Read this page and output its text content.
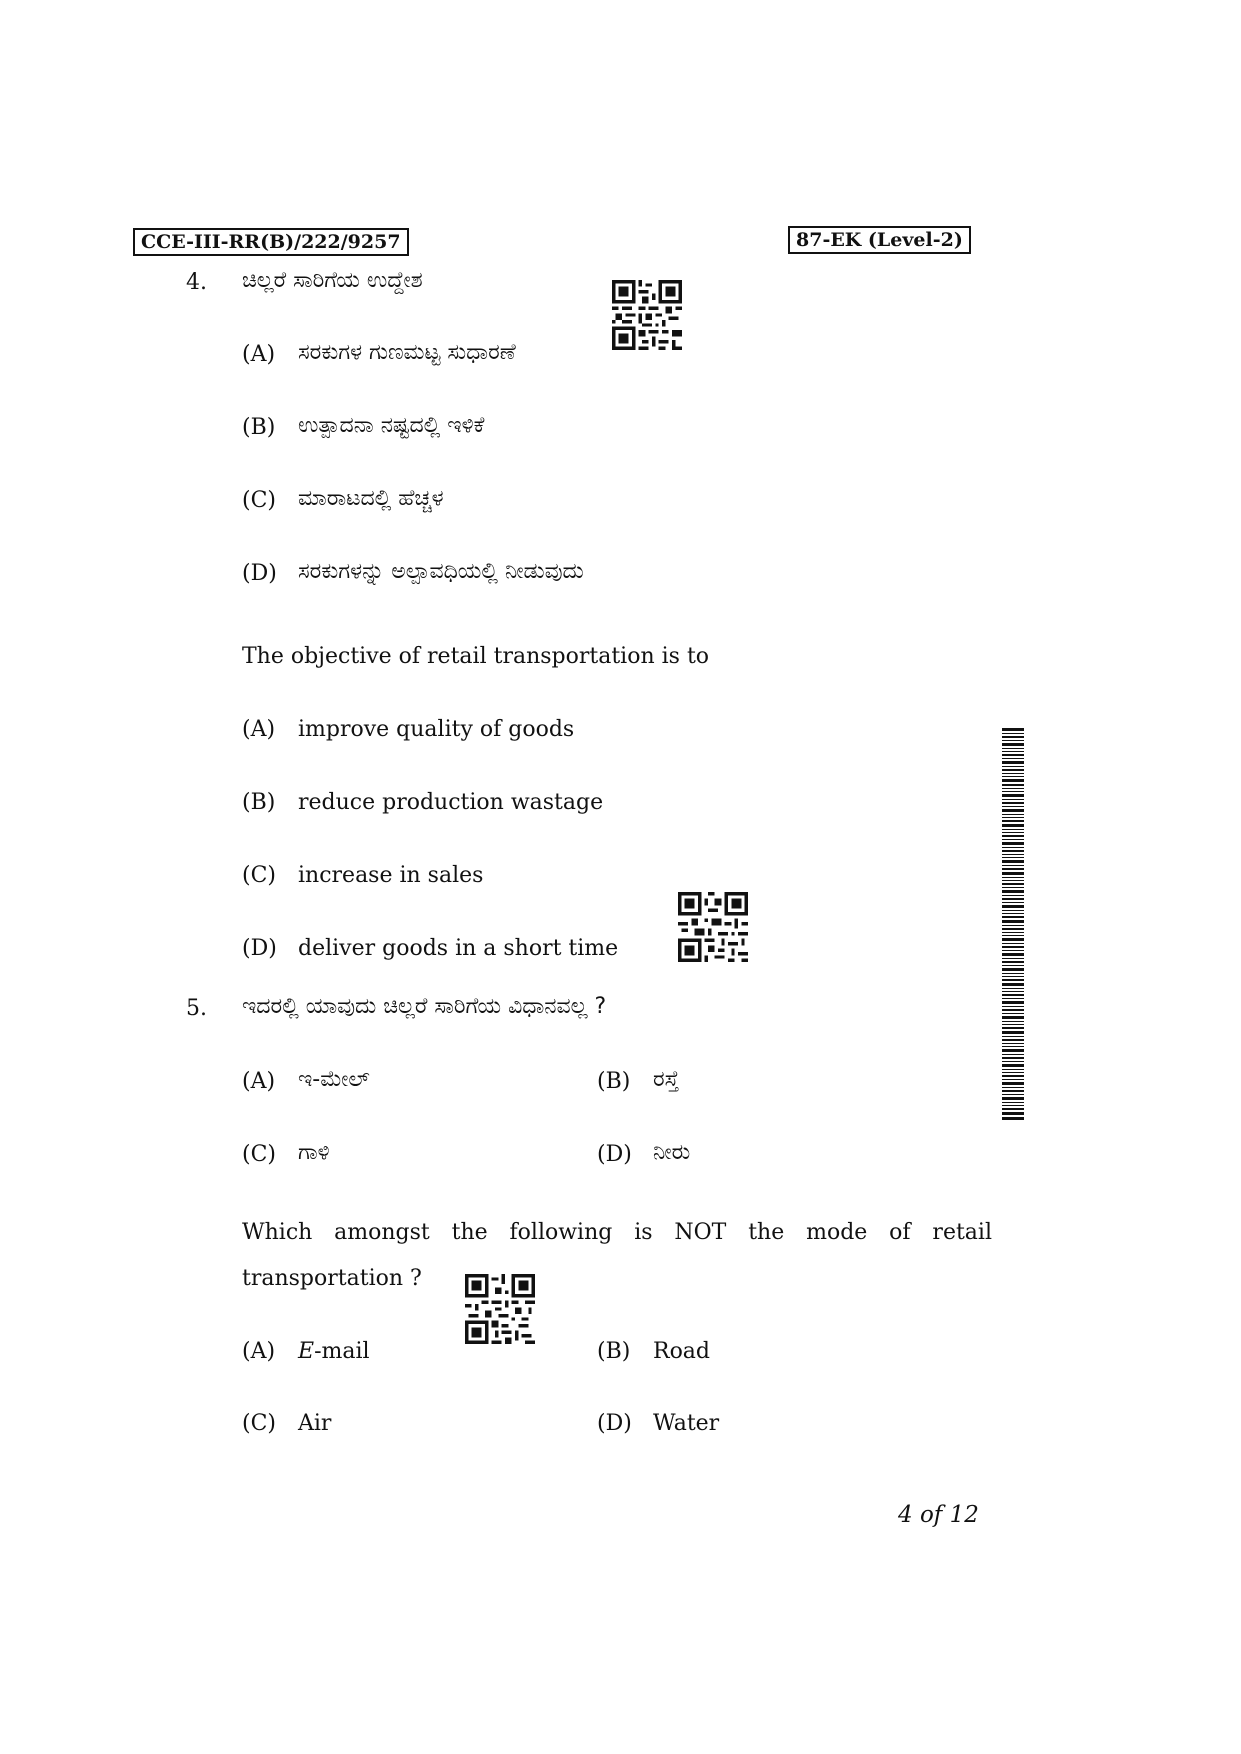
CCE-III-RR(B)/222/9257	87-EK (Level-2)
4. ಚಿಲ್ಲರೆ ಸಾರಿಗೆಯ ಉದ್ದೇಶ
(A) ಸರಕುಗಳ ಗುಣಮಟ್ಟ ಸುಧಾರಣೆ
(B) ಉತ್ಪಾದನಾ ನಷ್ಟದಲ್ಲಿ ಇಳಿಕೆ
(C) ಮಾರಾಟದಲ್ಲಿ ಹೆಚ್ಚಳ
(D) ಸರಕುಗಳನ್ನು ಅಲ್ಪಾವಧಿಯಲ್ಲಿ ನೀಡುವುದು
The objective of retail transportation is to
(A) improve quality of goods
(B) reduce production wastage
(C) increase in sales
(D) deliver goods in a short time
5. ಇದರಲ್ಲಿ ಯಾವುದು ಚಿಲ್ಲರೆ ಸಾರಿಗೆಯ ವಿಧಾನವಲ್ಲ ?
(A) ಇ-ಮೇಲ್	(B) ರಸ್ತೆ
(C) ಗಾಳಿ	(D) ನೀರು
Which amongst the following is NOT the mode of retail
transportation ?
(A) E-mail	(B) Road
(C) Air	(D) Water
4 of 12
